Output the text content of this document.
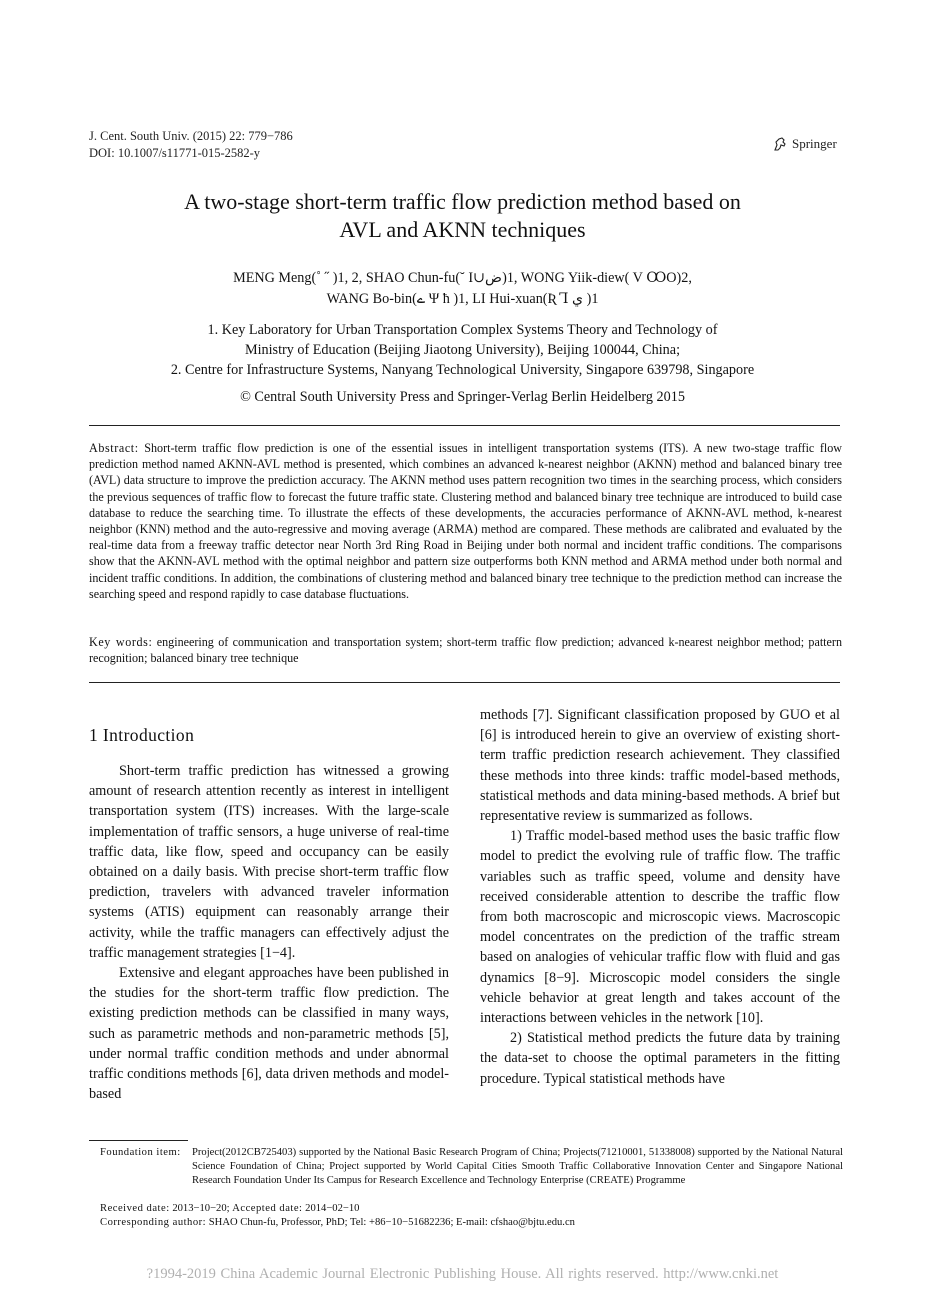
J. Cent. South Univ. (2015) 22: 779−786
DOI: 10.1007/s11771-015-2582-y
Springer
A two-stage short-term traffic flow prediction method based on
AVL and AKNN techniques
MENG Meng(˚ ˝ )1, 2, SHAO Chun-fu(˘ Ι∪ض)1, WONG Yiik-diew( V ꝎO)2,
WANG Bo-bin(ے Ψ ħ )1, LI Hui-xuan(Ʀ Ꞁ ي )1
1. Key Laboratory for Urban Transportation Complex Systems Theory and Technology of
Ministry of Education (Beijing Jiaotong University), Beijing 100044, China;
2. Centre for Infrastructure Systems, Nanyang Technological University, Singapore 639798, Singapore
© Central South University Press and Springer-Verlag Berlin Heidelberg 2015
Abstract: Short-term traffic flow prediction is one of the essential issues in intelligent transportation systems (ITS). A new two-stage traffic flow prediction method named AKNN-AVL method is presented, which combines an advanced k-nearest neighbor (AKNN) method and balanced binary tree (AVL) data structure to improve the prediction accuracy. The AKNN method uses pattern recognition two times in the searching process, which considers the previous sequences of traffic flow to forecast the future traffic state. Clustering method and balanced binary tree technique are introduced to build case database to reduce the searching time. To illustrate the effects of these developments, the accuracies performance of AKNN-AVL method, k-nearest neighbor (KNN) method and the auto-regressive and moving average (ARMA) method are compared. These methods are calibrated and evaluated by the real-time data from a freeway traffic detector near North 3rd Ring Road in Beijing under both normal and incident traffic conditions. The comparisons show that the AKNN-AVL method with the optimal neighbor and pattern size outperforms both KNN method and ARMA method under both normal and incident traffic conditions. In addition, the combinations of clustering method and balanced binary tree technique to the prediction method can increase the searching speed and respond rapidly to case database fluctuations.
Key words: engineering of communication and transportation system; short-term traffic flow prediction; advanced k-nearest neighbor method; pattern recognition; balanced binary tree technique
1 Introduction

Short-term traffic prediction has witnessed a growing amount of research attention recently as interest in intelligent transportation system (ITS) increases. With the large-scale implementation of traffic sensors, a huge universe of real-time traffic data, like flow, speed and occupancy can be easily obtained on a daily basis. With precise short-term traffic flow prediction, travelers with advanced traveler information systems (ATIS) equipment can reasonably arrange their activity, while the traffic managers can effectively adjust the traffic management strategies [1−4].

Extensive and elegant approaches have been published in the studies for the short-term traffic flow prediction. The existing prediction methods can be classified in many ways, such as parametric methods and non-parametric methods [5], under normal traffic condition methods and under abnormal traffic conditions methods [6], data driven methods and model-based

methods [7]. Significant classification proposed by GUO et al [6] is introduced herein to give an overview of existing short-term traffic prediction research achievement. They classified these methods into three kinds: traffic model-based methods, statistical methods and data mining-based methods. A brief but representative review is summarized as follows.

1) Traffic model-based method uses the basic traffic flow model to predict the evolving rule of traffic flow. The traffic variables such as traffic speed, volume and density have received considerable attention to describe the traffic flow from both macroscopic and microscopic views. Macroscopic model concentrates on the prediction of the traffic stream based on analogies of vehicular traffic flow with fluid and gas dynamics [8−9]. Microscopic model considers the single vehicle behavior at great length and takes account of the interactions between vehicles in the network [10].

2) Statistical method predicts the future data by training the data-set to choose the optimal parameters in the fitting procedure. Typical statistical methods have

Foundation item: Project(2012CB725403) supported by the National Basic Research Program of China; Projects(71210001, 51338008) supported by the National Natural Science Foundation of China; Project supported by World Capital Cities Smooth Traffic Collaborative Innovation Center and Singapore National Research Foundation Under Its Campus for Research Excellence and Technology Enterprise (CREATE) Programme
Received date: 2013−10−20; Accepted date: 2014−02−10
Corresponding author: SHAO Chun-fu, Professor, PhD; Tel: +86−10−51682236; E-mail: cfshao@bjtu.edu.cn
?1994-2019 China Academic Journal Electronic Publishing House. All rights reserved. http://www.cnki.net
